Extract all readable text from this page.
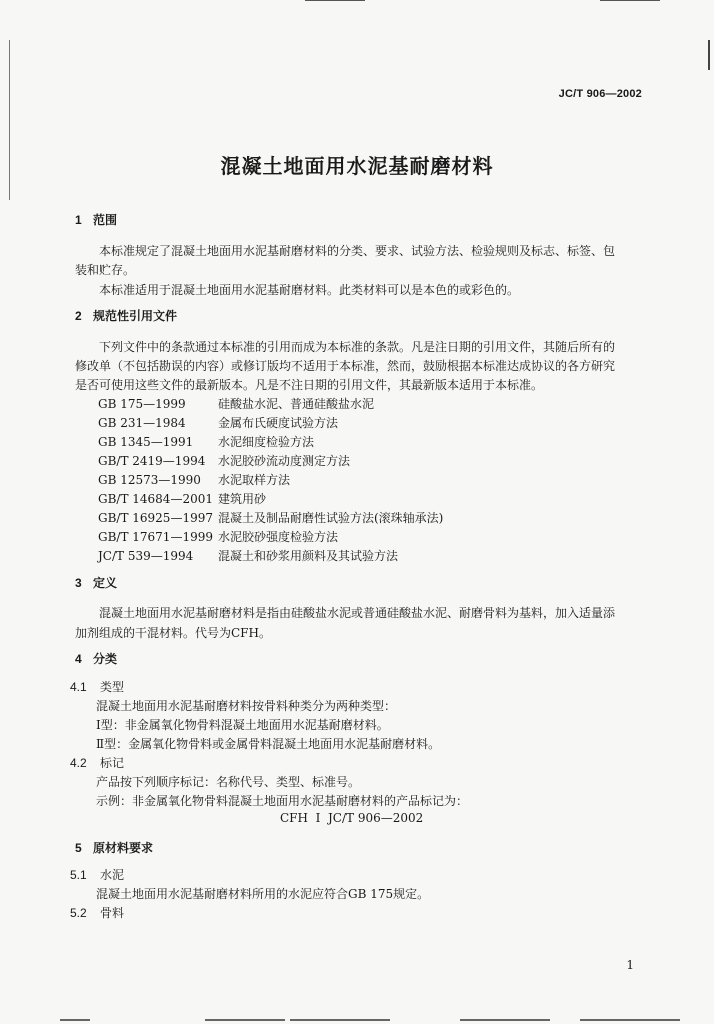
JC/T 906—2002
混凝土地面用水泥基耐磨材料
1 范围
本标准规定了混凝土地面用水泥基耐磨材料的分类、要求、试验方法、检验规则及标志、标签、包
装和贮存。
本标准适用于混凝土地面用水泥基耐磨材料。此类材料可以是本色的或彩色的。
2 规范性引用文件
下列文件中的条款通过本标准的引用而成为本标准的条款。凡是注日期的引用文件，其随后所有的
修改单（不包括勘误的内容）或修订版均不适用于本标准，然而，鼓励根据本标准达成协议的各方研究
是否可使用这些文件的最新版本。凡是不注日期的引用文件，其最新版本适用于本标准。
GB 175—1999	硅酸盐水泥、普通硅酸盐水泥
GB 231—1984	金属布氏硬度试验方法
GB 1345—1991 水泥细度检验方法
GB/T 2419—1994 水泥胶砂流动度测定方法
GB 12573—1990 水泥取样方法
GB/T 14684—2001 建筑用砂
GB/T 16925—1997 混凝土及制品耐磨性试验方法(滚珠轴承法)
GB/T 17671—1999 水泥胶砂强度检验方法
JC/T 539—1994 混凝土和砂浆用颜料及其试验方法
3 定义
混凝土地面用水泥基耐磨材料是指由硅酸盐水泥或普通硅酸盐水泥、耐磨骨料为基料，加入适量添
加剂组成的干混材料。代号为CFH。
4 分类
4.1 类型
混凝土地面用水泥基耐磨材料按骨料种类分为两种类型：
Ⅰ型：非金属氧化物骨料混凝土地面用水泥基耐磨材料。
Ⅱ型：金属氧化物骨料或金属骨料混凝土地面用水泥基耐磨材料。
4.2 标记
产品按下列顺序标记：名称代号、类型、标准号。
示例：非金属氧化物骨料混凝土地面用水泥基耐磨材料的产品标记为：
CFH  Ⅰ  JC/T 906—2002
5 原材料要求
5.1 水泥
混凝土地面用水泥基耐磨材料所用的水泥应符合GB 175规定。
5.2 骨料
1
